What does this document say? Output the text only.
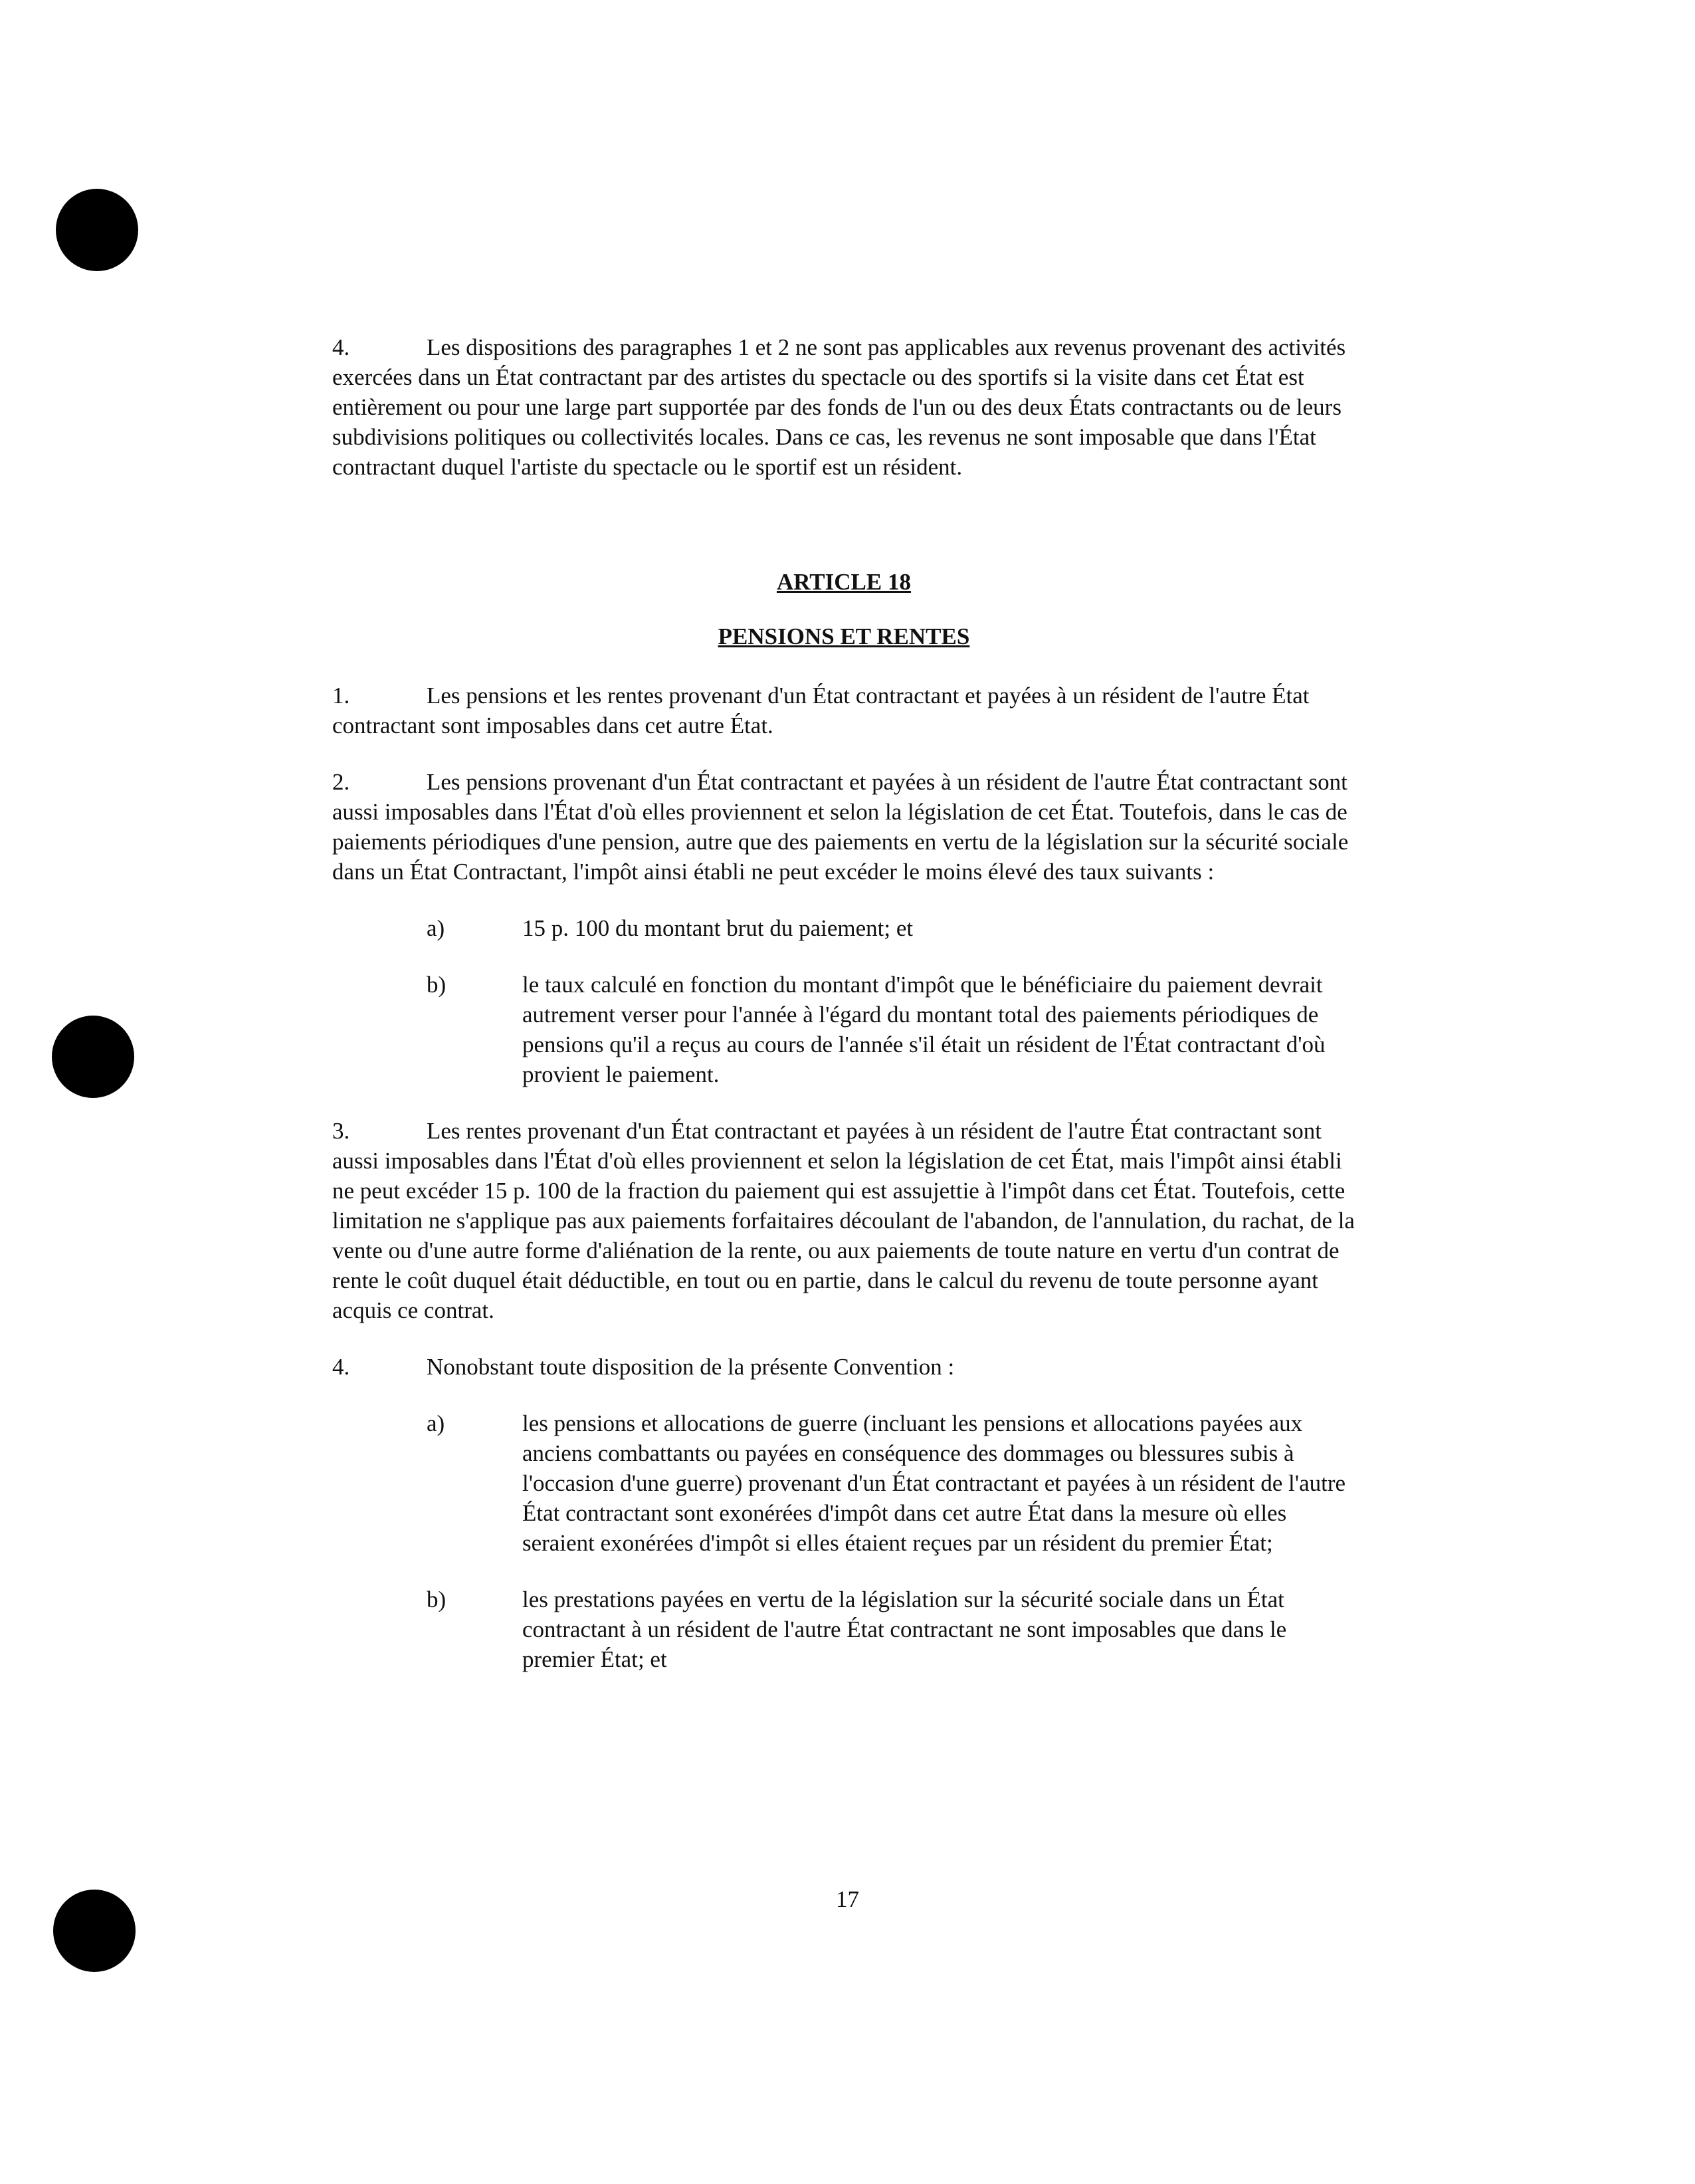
4.	Les dispositions des paragraphes 1 et 2 ne sont pas applicables aux revenus provenant des activités exercées dans un État contractant par des artistes du spectacle ou des sportifs si la visite dans cet État est entièrement ou pour une large part supportée par des fonds de l'un ou des deux États contractants ou de leurs subdivisions politiques ou collectivités locales. Dans ce cas, les revenus ne sont imposable que dans l'État contractant duquel l'artiste du spectacle ou le sportif est un résident.

ARTICLE 18

PENSIONS ET RENTES

1.	Les pensions et les rentes provenant d'un État contractant et payées à un résident de l'autre État contractant sont imposables dans cet autre État.

2.	Les pensions provenant d'un État contractant et payées à un résident de l'autre État contractant sont aussi imposables dans l'État d'où elles proviennent et selon la législation de cet État. Toutefois, dans le cas de paiements périodiques d'une pension, autre que des paiements en vertu de la législation sur la sécurité sociale dans un État Contractant, l'impôt ainsi établi ne peut excéder le moins élevé des taux suivants :

a)	15 p. 100 du montant brut du paiement; et

b)	le taux calculé en fonction du montant d'impôt que le bénéficiaire du paiement devrait autrement verser pour l'année à l'égard du montant total des paiements périodiques de pensions qu'il a reçus au cours de l'année s'il était un résident de l'État contractant d'où provient le paiement.

3.	Les rentes provenant d'un État contractant et payées à un résident de l'autre État contractant sont aussi imposables dans l'État d'où elles proviennent et selon la législation de cet État, mais l'impôt ainsi établi ne peut excéder 15 p. 100 de la fraction du paiement qui est assujettie à l'impôt dans cet État. Toutefois, cette limitation ne s'applique pas aux paiements forfaitaires découlant de l'abandon, de l'annulation, du rachat, de la vente ou d'une autre forme d'aliénation de la rente, ou aux paiements de toute nature en vertu d'un contrat de rente le coût duquel était déductible, en tout ou en partie, dans le calcul du revenu de toute personne ayant acquis ce contrat.

4.	Nonobstant toute disposition de la présente Convention :

a)	les pensions et allocations de guerre (incluant les pensions et allocations payées aux anciens combattants ou payées en conséquence des dommages ou blessures subis à l'occasion d'une guerre) provenant d'un État contractant et payées à un résident de l'autre État contractant sont exonérées d'impôt dans cet autre État dans la mesure où elles seraient exonérées d'impôt si elles étaient reçues par un résident du premier État;

b)	les prestations payées en vertu de la législation sur la sécurité sociale dans un État contractant à un résident de l'autre État contractant ne sont imposables que dans le premier État; et

17
